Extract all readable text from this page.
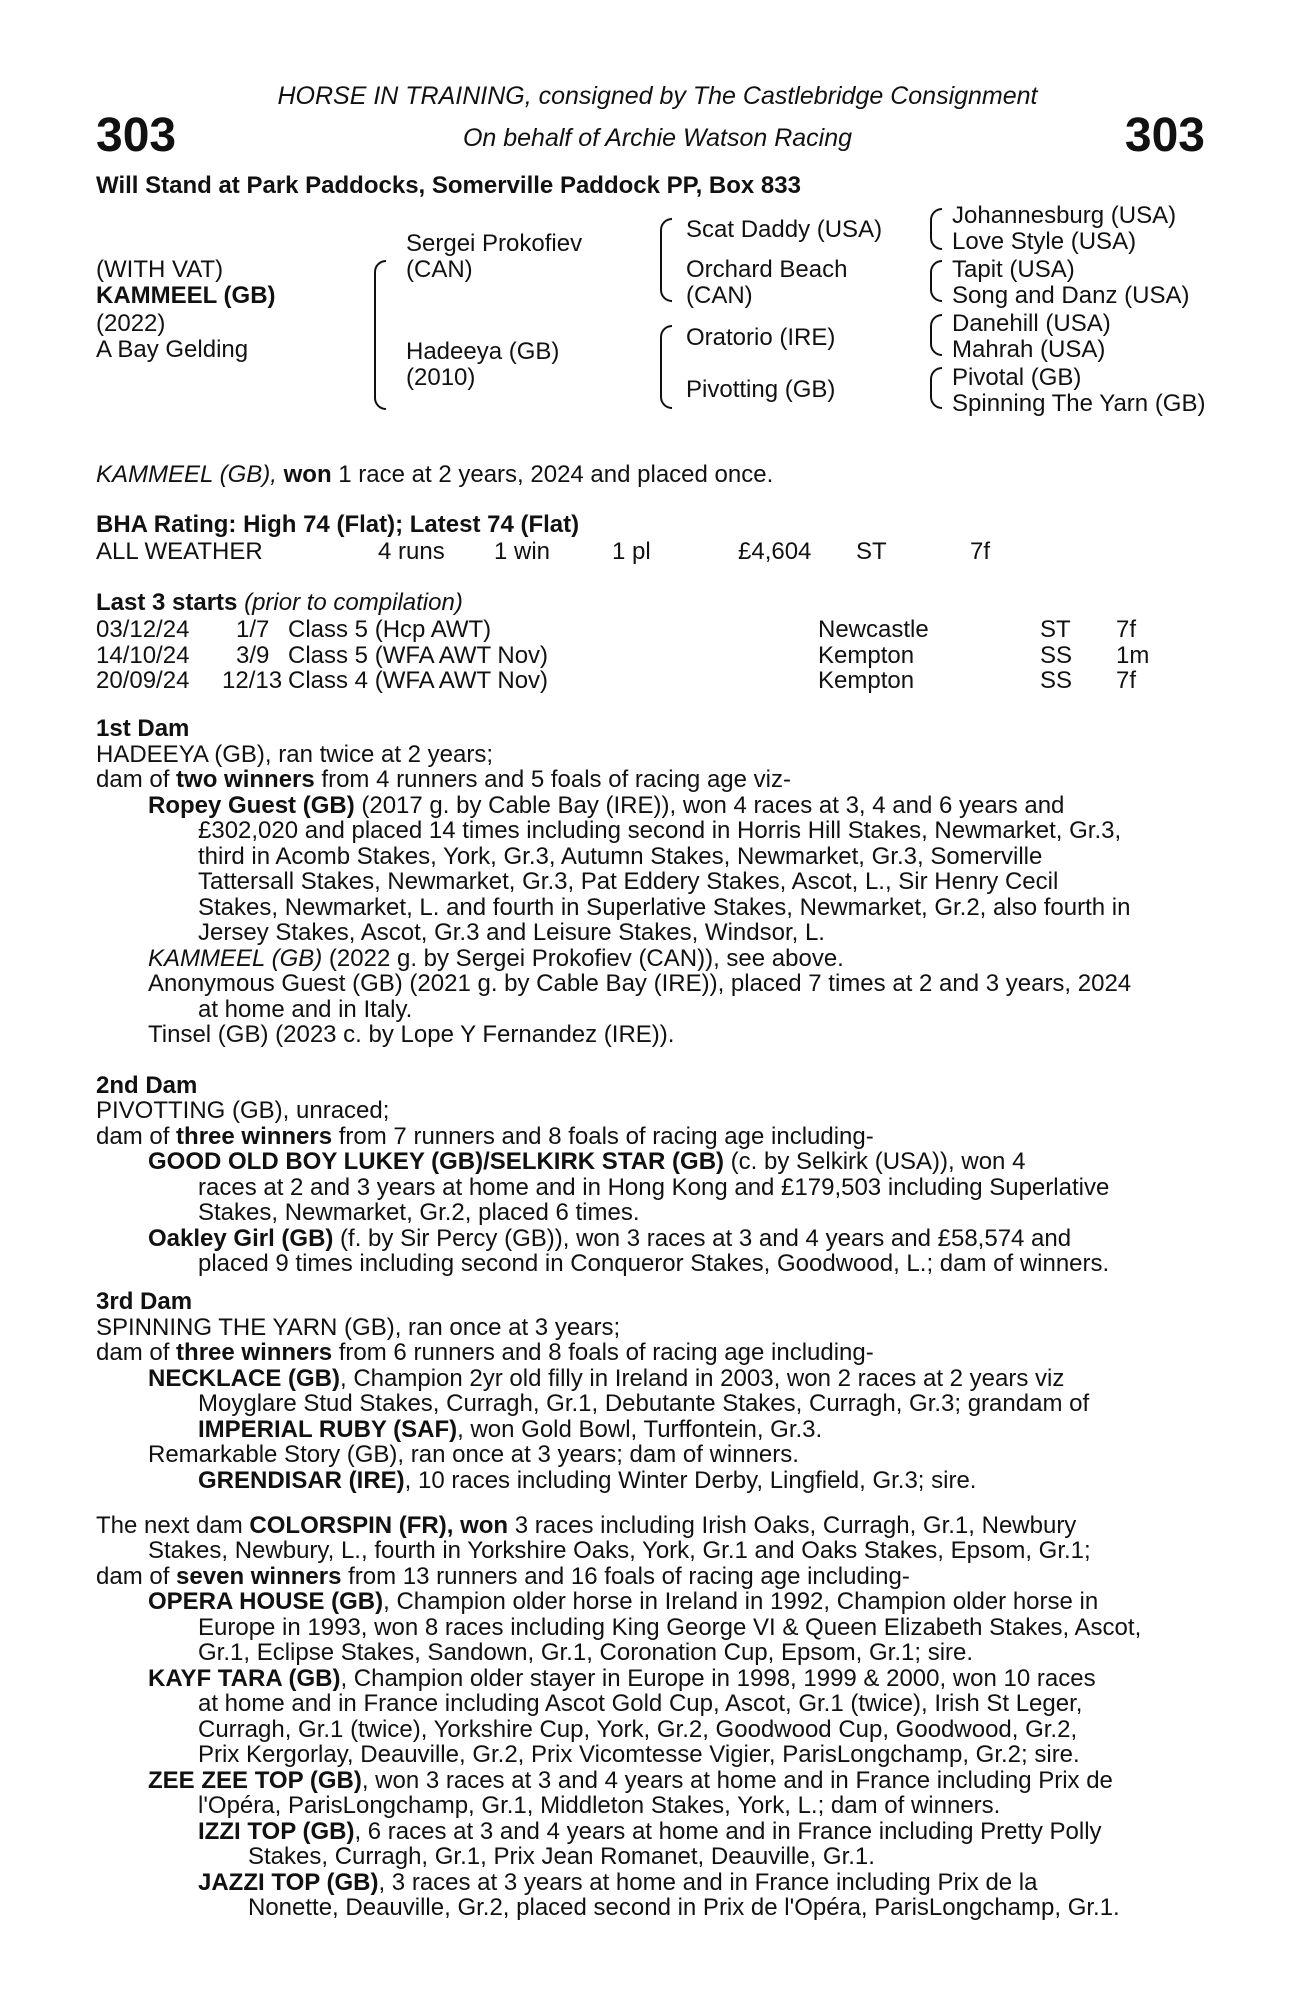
303	303
HORSE IN TRAINING, consigned by The Castlebridge Consignment
On behalf of Archie Watson Racing
Will Stand at Park Paddocks, Somerville Paddock PP, Box 833
(WITH VAT)
KAMMEEL (GB)
(2022)
A Bay Gelding
Sergei Prokofiev
(CAN)
Hadeeya (GB)
(2010)
Scat Daddy (USA)
Orchard Beach
(CAN)
Oratorio (IRE)
Pivotting (GB)
Johannesburg (USA)
Love Style (USA)
Tapit (USA)
Song and Danz (USA)
Danehill (USA)
Mahrah (USA)
Pivotal (GB)
Spinning The Yarn (GB)
KAMMEEL (GB), won 1 race at 2 years, 2024 and placed once.
BHA Rating: High 74 (Flat); Latest 74 (Flat)
ALL WEATHER	4 runs 1 win	1 pl	£4,604 ST	7f
Last 3 starts (prior to compilation)
03/12/24 1/7 Class 5 (Hcp AWT)	Newcastle	ST 7f
14/10/24 3/9 Class 5 (WFA AWT Nov)	Kempton	SS 1m
20/09/24 12/13 Class 4 (WFA AWT Nov)	Kempton	SS 7f
1st Dam
HADEEYA (GB), ran twice at 2 years;
dam of two winners from 4 runners and 5 foals of racing age viz-
Ropey Guest (GB) (2017 g. by Cable Bay (IRE)), won 4 races at 3, 4 and 6 years and
£302,020 and placed 14 times including second in Horris Hill Stakes, Newmarket, Gr.3,
third in Acomb Stakes, York, Gr.3, Autumn Stakes, Newmarket, Gr.3, Somerville
Tattersall Stakes, Newmarket, Gr.3, Pat Eddery Stakes, Ascot, L., Sir Henry Cecil
Stakes, Newmarket, L. and fourth in Superlative Stakes, Newmarket, Gr.2, also fourth in
Jersey Stakes, Ascot, Gr.3 and Leisure Stakes, Windsor, L.
KAMMEEL (GB) (2022 g. by Sergei Prokofiev (CAN)), see above.
Anonymous Guest (GB) (2021 g. by Cable Bay (IRE)), placed 7 times at 2 and 3 years, 2024
at home and in Italy.
Tinsel (GB) (2023 c. by Lope Y Fernandez (IRE)).
2nd Dam
PIVOTTING (GB), unraced;
dam of three winners from 7 runners and 8 foals of racing age including-
GOOD OLD BOY LUKEY (GB)/SELKIRK STAR (GB) (c. by Selkirk (USA)), won 4
races at 2 and 3 years at home and in Hong Kong and £179,503 including Superlative
Stakes, Newmarket, Gr.2, placed 6 times.
Oakley Girl (GB) (f. by Sir Percy (GB)), won 3 races at 3 and 4 years and £58,574 and
placed 9 times including second in Conqueror Stakes, Goodwood, L.; dam of winners.
3rd Dam
SPINNING THE YARN (GB), ran once at 3 years;
dam of three winners from 6 runners and 8 foals of racing age including-
NECKLACE (GB), Champion 2yr old filly in Ireland in 2003, won 2 races at 2 years viz
Moyglare Stud Stakes, Curragh, Gr.1, Debutante Stakes, Curragh, Gr.3; grandam of
IMPERIAL RUBY (SAF), won Gold Bowl, Turffontein, Gr.3.
Remarkable Story (GB), ran once at 3 years; dam of winners.
GRENDISAR (IRE), 10 races including Winter Derby, Lingfield, Gr.3; sire.
The next dam COLORSPIN (FR), won 3 races including Irish Oaks, Curragh, Gr.1, Newbury
Stakes, Newbury, L., fourth in Yorkshire Oaks, York, Gr.1 and Oaks Stakes, Epsom, Gr.1;
dam of seven winners from 13 runners and 16 foals of racing age including-
OPERA HOUSE (GB), Champion older horse in Ireland in 1992, Champion older horse in
Europe in 1993, won 8 races including King George VI & Queen Elizabeth Stakes, Ascot,
Gr.1, Eclipse Stakes, Sandown, Gr.1, Coronation Cup, Epsom, Gr.1; sire.
KAYF TARA (GB), Champion older stayer in Europe in 1998, 1999 & 2000, won 10 races
at home and in France including Ascot Gold Cup, Ascot, Gr.1 (twice), Irish St Leger,
Curragh, Gr.1 (twice), Yorkshire Cup, York, Gr.2, Goodwood Cup, Goodwood, Gr.2,
Prix Kergorlay, Deauville, Gr.2, Prix Vicomtesse Vigier, ParisLongchamp, Gr.2; sire.
ZEE ZEE TOP (GB), won 3 races at 3 and 4 years at home and in France including Prix de
l'Opéra, ParisLongchamp, Gr.1, Middleton Stakes, York, L.; dam of winners.
IZZI TOP (GB), 6 races at 3 and 4 years at home and in France including Pretty Polly
Stakes, Curragh, Gr.1, Prix Jean Romanet, Deauville, Gr.1.
JAZZI TOP (GB), 3 races at 3 years at home and in France including Prix de la
Nonette, Deauville, Gr.2, placed second in Prix de l'Opéra, ParisLongchamp, Gr.1.
